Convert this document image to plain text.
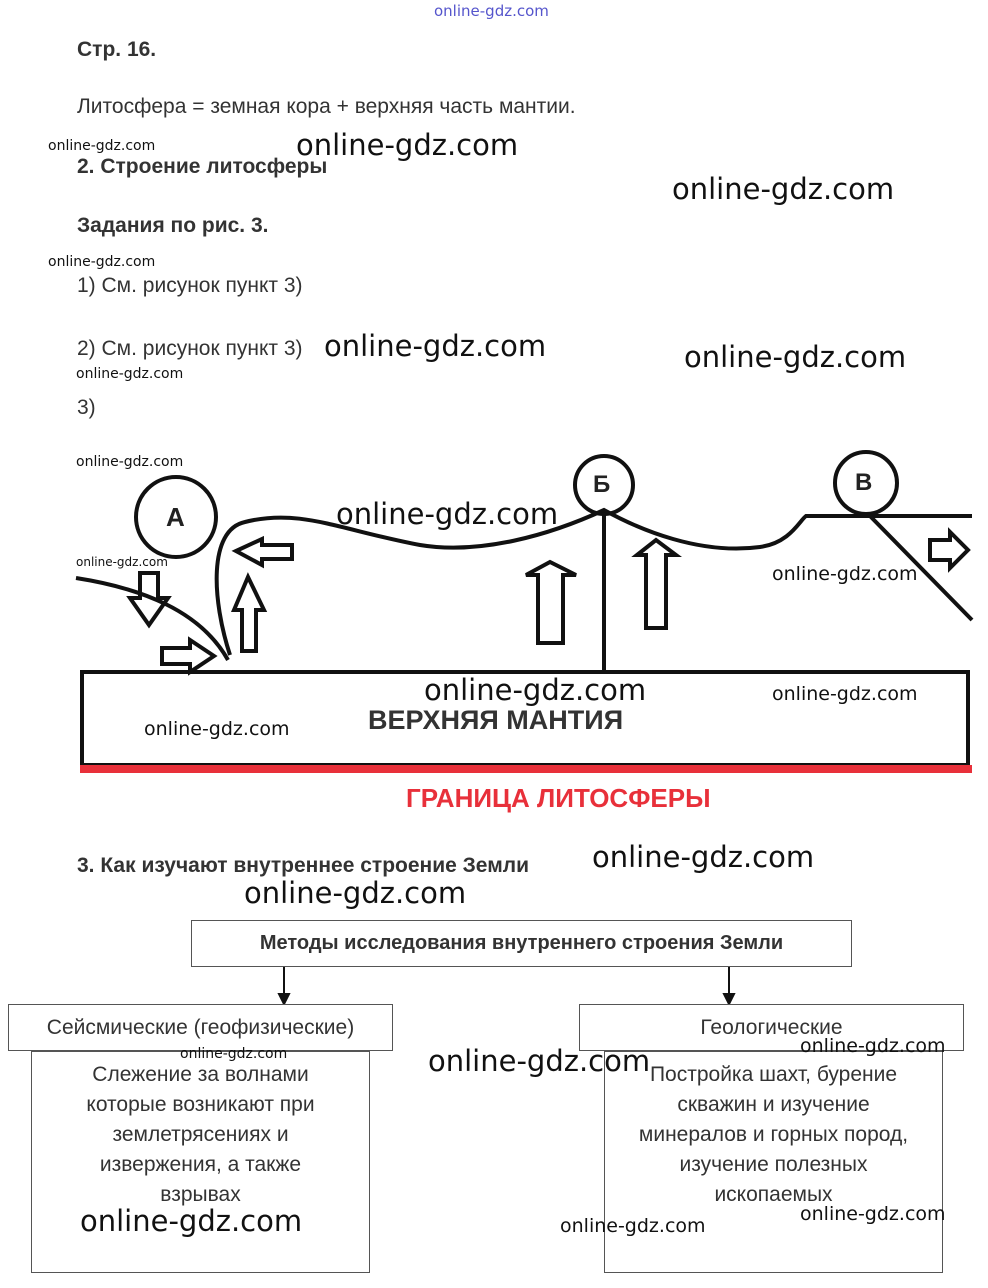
online-gdz.com
Стр. 16.
Литосфера = земная кора + верхняя часть мантии.
2. Строение литосферы
Задания по рис. 3.
1) См. рисунок пункт 3)
2) См. рисунок пункт 3)
3)
А
Б	В
ВЕРХНЯЯ МАНТИЯ
ГРАНИЦА ЛИТОСФЕРЫ
3. Как изучают внутреннее строение Земли
Методы исследования внутреннего строения Земли
Сейсмические (геофизические)
Слежение за волнами
которые возникают при
землетрясениях и
извержения, а также
взрывах
Геологические
Постройка шахт, бурение
скважин и изучение
минералов и горных пород,
изучение полезных
ископаемых
online-gdz.com	online-gdz.com
online-gdz.com
online-gdz.com
online-gdz.com	online-gdz.com
online-gdz.com
online-gdz.com
online-gdz.com
online-gdz.com
online-gdz.com
online-gdz.com	online-gdz.com
online-gdz.com
online-gdz.com
online-gdz.com
online-gdz.com	online-gdz.com	online-gdz.com
online-gdz.com	online-gdz.com
online-gdz.com
